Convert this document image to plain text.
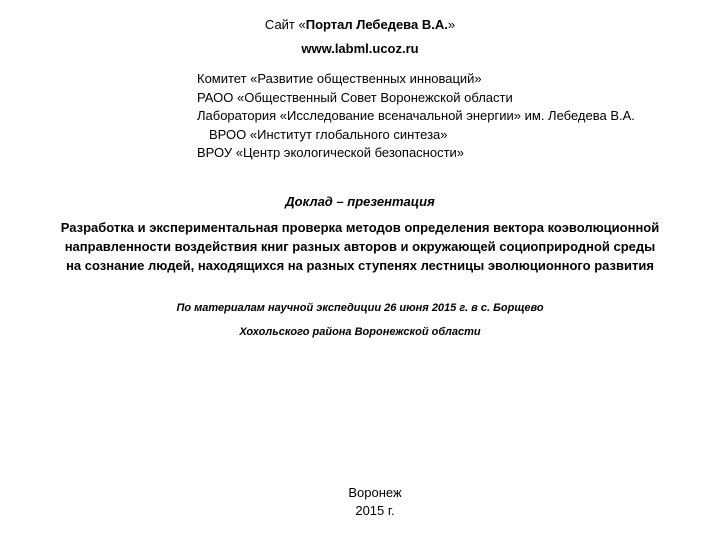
Сайт «Портал Лебедева В.А.»
www.labml.ucoz.ru
Комитет «Развитие общественных инноваций»
РАОО «Общественный Совет Воронежской области
Лаборатория «Исследование всеначальной энергии» им. Лебедева В.А.
ВРОО «Институт глобального синтеза»
ВРОУ «Центр экологической безопасности»
Доклад – презентация
Разработка и экспериментальная проверка методов определения вектора коэволюционной
направленности воздействия книг разных авторов и окружающей социоприродной среды
на сознание людей, находящихся на разных ступенях лестницы эволюционного развития
По материалам научной экспедиции 26 июня 2015 г. в с. Борщево
Хохольского района Воронежской области
Воронеж
2015 г.
